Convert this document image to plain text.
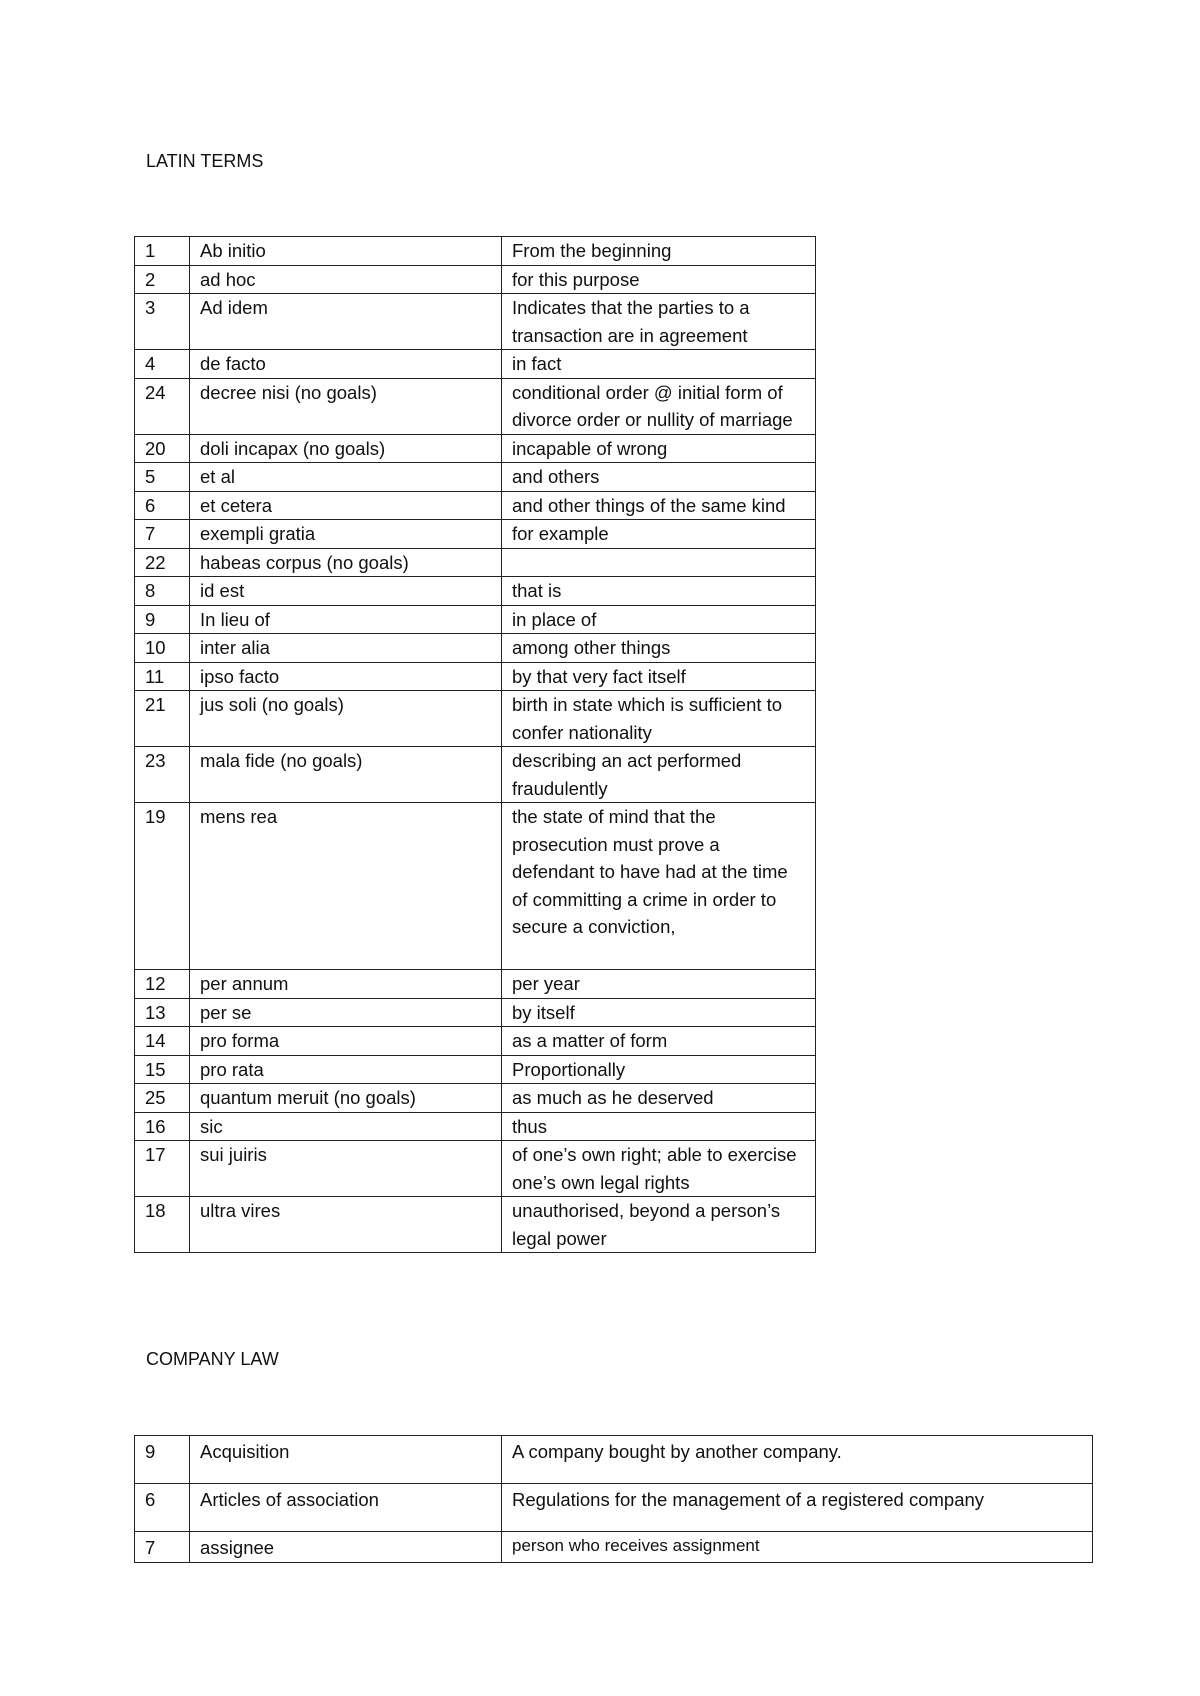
LATIN TERMS

1	Ab initio	From the beginning
2	ad hoc	for this purpose
3	Ad idem	Indicates that the parties to a transaction are in agreement
4	de facto	in fact
24	decree nisi (no goals)	conditional order @ initial form of divorce order or nullity of marriage
20	doli incapax (no goals)	incapable of wrong
5	et al	and others
6	et cetera	and other things of the same kind
7	exempli gratia	for example
22	habeas corpus (no goals)	
8	id est	that is
9	In lieu of	in place of
10	inter alia	among other things
11	ipso facto	by that very fact itself
21	jus soli (no goals)	birth in state which is sufficient to confer nationality
23	mala fide (no goals)	describing an act performed fraudulently
19	mens rea	the state of mind that the prosecution must prove a defendant to have had at the time of committing a crime in order to secure a conviction,
12	per annum	per year
13	per se	by itself
14	pro forma	as a matter of form
15	pro rata	Proportionally
25	quantum meruit (no goals)	as much as he deserved
16	sic	thus
17	sui juiris	of one’s own right; able to exercise one’s own legal rights
18	ultra vires	unauthorised, beyond a person’s legal power

COMPANY LAW

9	Acquisition	A company bought by another company.
6	Articles of association	Regulations for the management of a registered company
7	assignee	person who receives assignment
